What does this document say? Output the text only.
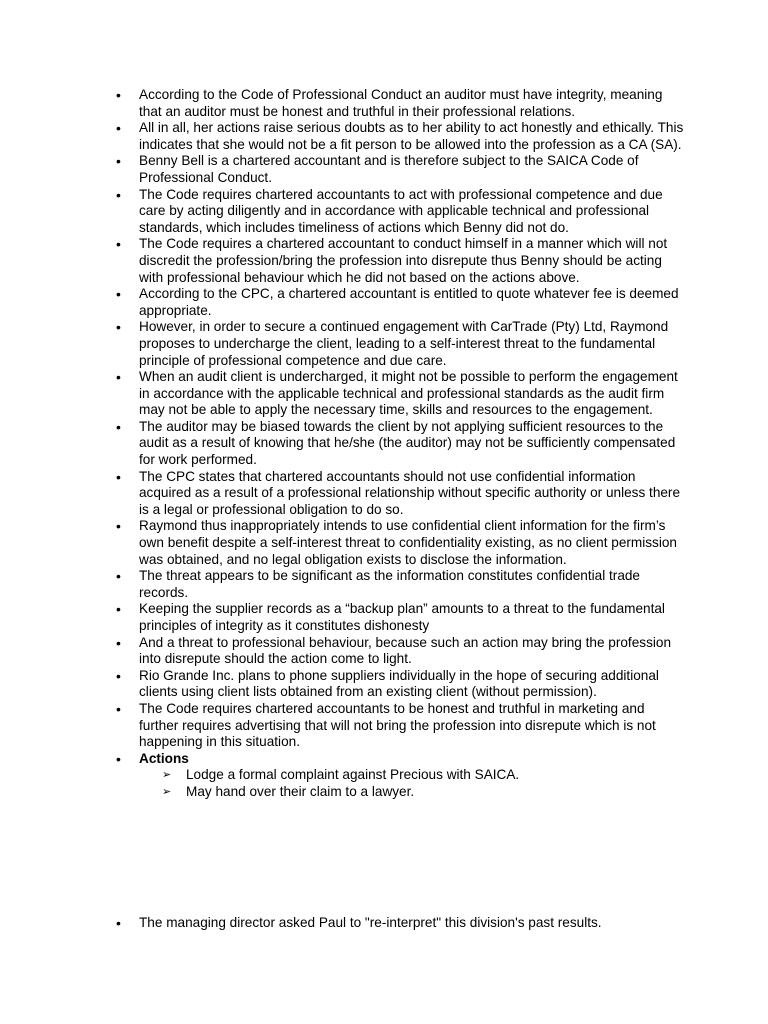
• According to the Code of Professional Conduct an auditor must have integrity, meaning that an auditor must be honest and truthful in their professional relations.
• All in all, her actions raise serious doubts as to her ability to act honestly and ethically. This indicates that she would not be a fit person to be allowed into the profession as a CA (SA).
• Benny Bell is a chartered accountant and is therefore subject to the SAICA Code of Professional Conduct.
• The Code requires chartered accountants to act with professional competence and due care by acting diligently and in accordance with applicable technical and professional standards, which includes timeliness of actions which Benny did not do.
• The Code requires a chartered accountant to conduct himself in a manner which will not discredit the profession/bring the profession into disrepute thus Benny should be acting with professional behaviour which he did not based on the actions above.
• According to the CPC, a chartered accountant is entitled to quote whatever fee is deemed appropriate.
• However, in order to secure a continued engagement with CarTrade (Pty) Ltd, Raymond proposes to undercharge the client, leading to a self-interest threat to the fundamental principle of professional competence and due care.
• When an audit client is undercharged, it might not be possible to perform the engagement in accordance with the applicable technical and professional standards as the audit firm may not be able to apply the necessary time, skills and resources to the engagement.
• The auditor may be biased towards the client by not applying sufficient resources to the audit as a result of knowing that he/she (the auditor) may not be sufficiently compensated for work performed.
• The CPC states that chartered accountants should not use confidential information acquired as a result of a professional relationship without specific authority or unless there is a legal or professional obligation to do so.
• Raymond thus inappropriately intends to use confidential client information for the firm’s own benefit despite a self-interest threat to confidentiality existing, as no client permission was obtained, and no legal obligation exists to disclose the information.
• The threat appears to be significant as the information constitutes confidential trade records.
• Keeping the supplier records as a “backup plan” amounts to a threat to the fundamental principles of integrity as it constitutes dishonesty
• And a threat to professional behaviour, because such an action may bring the profession into disrepute should the action come to light.
• Rio Grande Inc. plans to phone suppliers individually in the hope of securing additional clients using client lists obtained from an existing client (without permission).
• The Code requires chartered accountants to be honest and truthful in marketing and further requires advertising that will not bring the profession into disrepute which is not happening in this situation.
• Actions
➢ Lodge a formal complaint against Precious with SAICA.
➢ May hand over their claim to a lawyer.
• The managing director asked Paul to "re-interpret" this division's past results.
